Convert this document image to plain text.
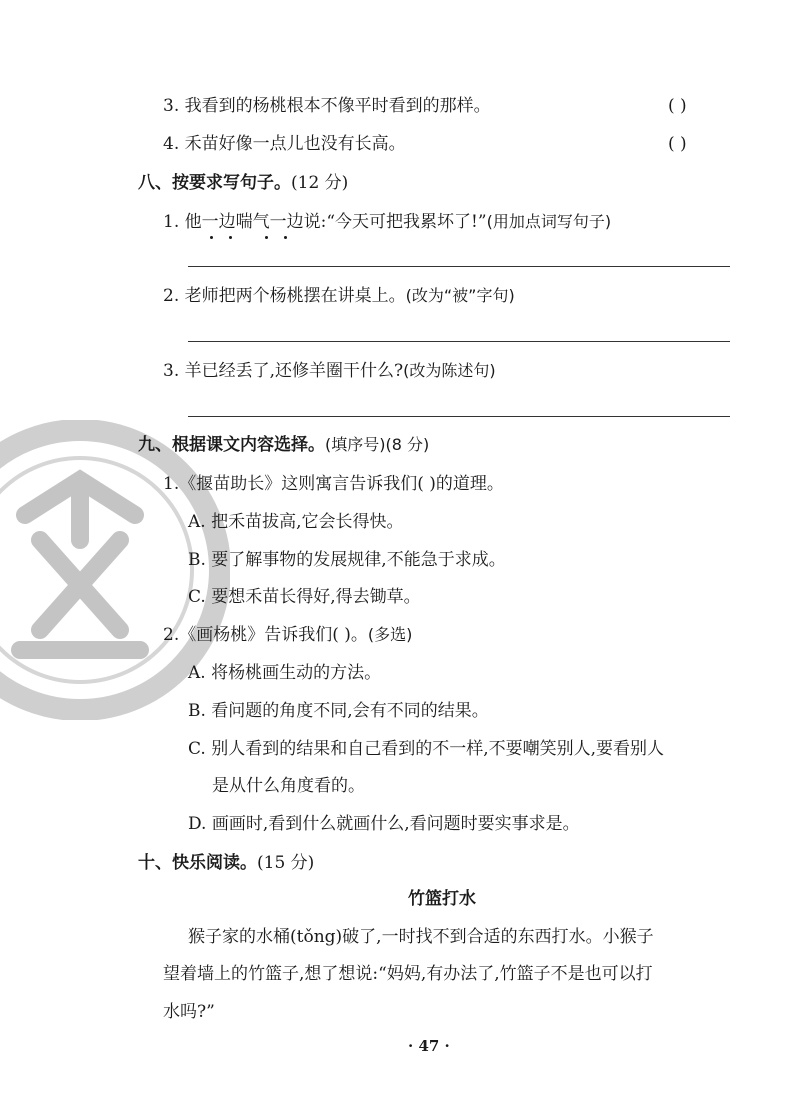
3. 我看到的杨桃根本不像平时看到的那样。	( )
4. 禾苗好像一点儿也没有长高。	( )
八、按要求写句子。(12 分)
1. 他一边喘气一边说:“今天可把我累坏了!”(用加点词写句子)
2. 老师把两个杨桃摆在讲桌上。(改为“被”字句)
3. 羊已经丢了,还修羊圈干什么?(改为陈述句)
九、根据课文内容选择。(填序号)(8 分)
1.《揠苗助长》这则寓言告诉我们( )的道理。
A. 把禾苗拔高,它会长得快。
B. 要了解事物的发展规律,不能急于求成。
C. 要想禾苗长得好,得去锄草。
2.《画杨桃》告诉我们( )。(多选)
A. 将杨桃画生动的方法。
B. 看问题的角度不同,会有不同的结果。
C. 别人看到的结果和自己看到的不一样,不要嘲笑别人,要看别人
是从什么角度看的。
D. 画画时,看到什么就画什么,看问题时要实事求是。
十、快乐阅读。(15 分)
竹篮打水
猴子家的水桶(tǒng)破了,一时找不到合适的东西打水。小猴子
望着墙上的竹篮子,想了想说:“妈妈,有办法了,竹篮子不是也可以打
水吗?”
· 47 ·
